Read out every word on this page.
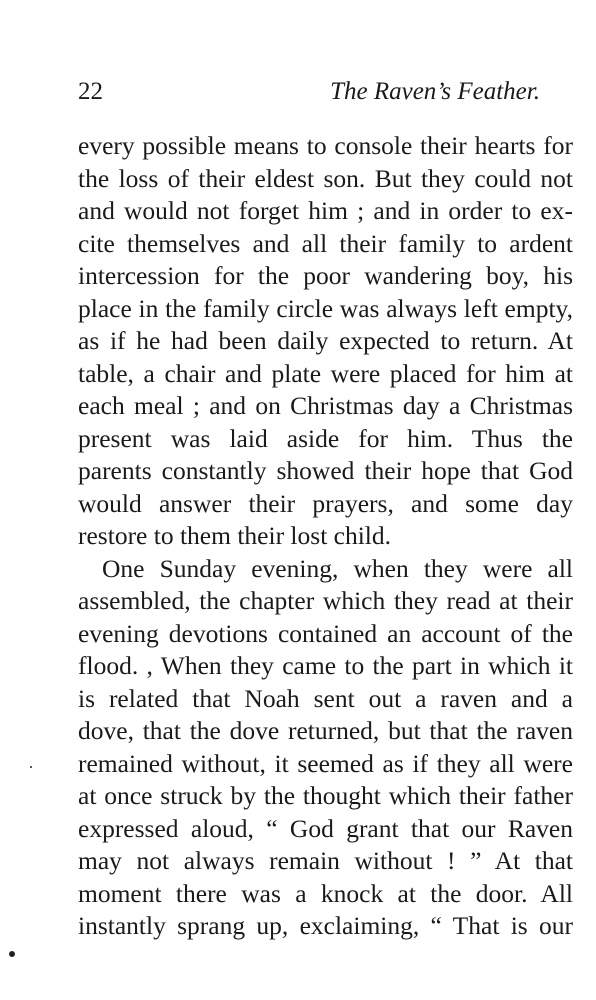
22	The Raven’s Feather.
every possible means to console their hearts for
the loss of their eldest son. But they could not
and would not forget him ; and in order to ex-
cite themselves and all their family to ardent
intercession for the poor wandering boy, his
place in the family circle was always left empty,
as if he had been daily expected to return. At
table, a chair and plate were placed for him at
each meal ; and on Christmas day a Christmas
present was laid aside for him. Thus the
parents constantly showed their hope that God
would answer their prayers, and some day
restore to them their lost child.
One Sunday evening, when they were all
assembled, the chapter which they read at their
evening devotions contained an account of the
flood. , When they came to the part in which it
is related that Noah sent out a raven and a
dove, that the dove returned, but that the raven
remained without, it seemed as if they all were
at once struck by the thought which their father
expressed aloud, “ God grant that our Raven
may not always remain without ! ” At that
moment there was a knock at the door. All
instantly sprang up, exclaiming, “ That is our
